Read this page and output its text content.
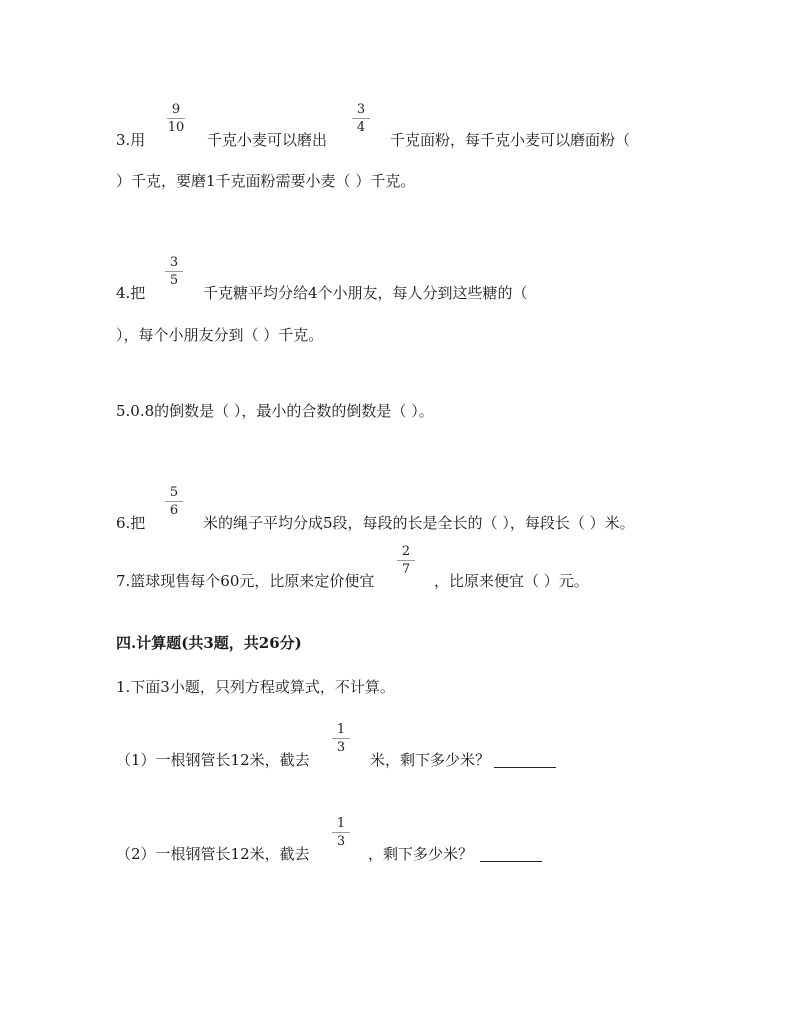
3.用
9
10
千克小麦可以磨出
3
4
千克面粉，每千克小麦可以磨面粉（
）千克，要磨1千克面粉需要小麦（ ）千克。
4.把
3
5
千克糖平均分给4个小朋友，每人分到这些糖的（
），每个小朋友分到（ ）千克。
5.0.8的倒数是（ ），最小的合数的倒数是（ ）。
6.把
5
6
米的绳子平均分成5段，每段的长是全长的（ ），每段长（ ）米。
7.篮球现售每个60元，比原来定价便宜
2
7
，比原来便宜（ ）元。
四.计算题(共3题，共26分)
1.下面3小题，只列方程或算式，不计算。
（1）一根钢管长12米，截去
1
3
米，剩下多少米？
（2）一根钢管长12米，截去
1
3
，剩下多少米？
